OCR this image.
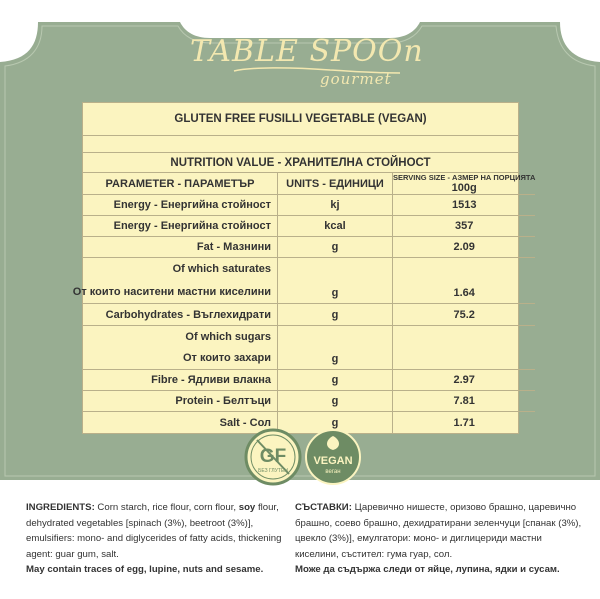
TABLE SPOOn
gourmet
GLUTEN FREE FUSILLI VEGETABLE (VEGAN)
NUTRITION VALUE - ХРАНИТЕЛНА СТОЙНОСТ
PARAMETER - ПАРАМЕТЪР	UNITS - ЕДИНИЦИ	SERVING SIZE - АЗМЕР НА ПОРЦИЯТА
100g
Energy - Енергийна стойност	kj	1513
Energy - Енергийна стойност	kcal	357
Fat - Мазнини	g	2.09
Of which saturates
От които наситени мастни киселини	g	1.64
Carbohydrates - Въглехидрати	g	75.2
Of which sugars
От които захари	g
Fibre - Ядливи влакна	g	2.97
Protein - Белтъци	g	7.81
Salt - Сол	g	1.71
GF
БЕЗ ГЛУТЕН
VEGAN
веган
INGREDIENTS: Corn starch, rice flour, corn flour, soy flour, dehydrated vegetables [spinach (3%), beetroot (3%)], emulsifiers: mono- and diglycerides of fatty acids, thickening agent: guar gum, salt.
May contain traces of egg, lupine, nuts and sesame.
СЪСТАВКИ: Царевично нишесте, оризово брашно, царевично брашно, соево брашно, дехидратирани зеленчуци [спанак (3%), цвекло (3%)], емулгатори: моно- и диглицериди мастни киселини, състител: гума гуар, сол.
Може да съдържа следи от яйце, лупина, ядки и сусам.
